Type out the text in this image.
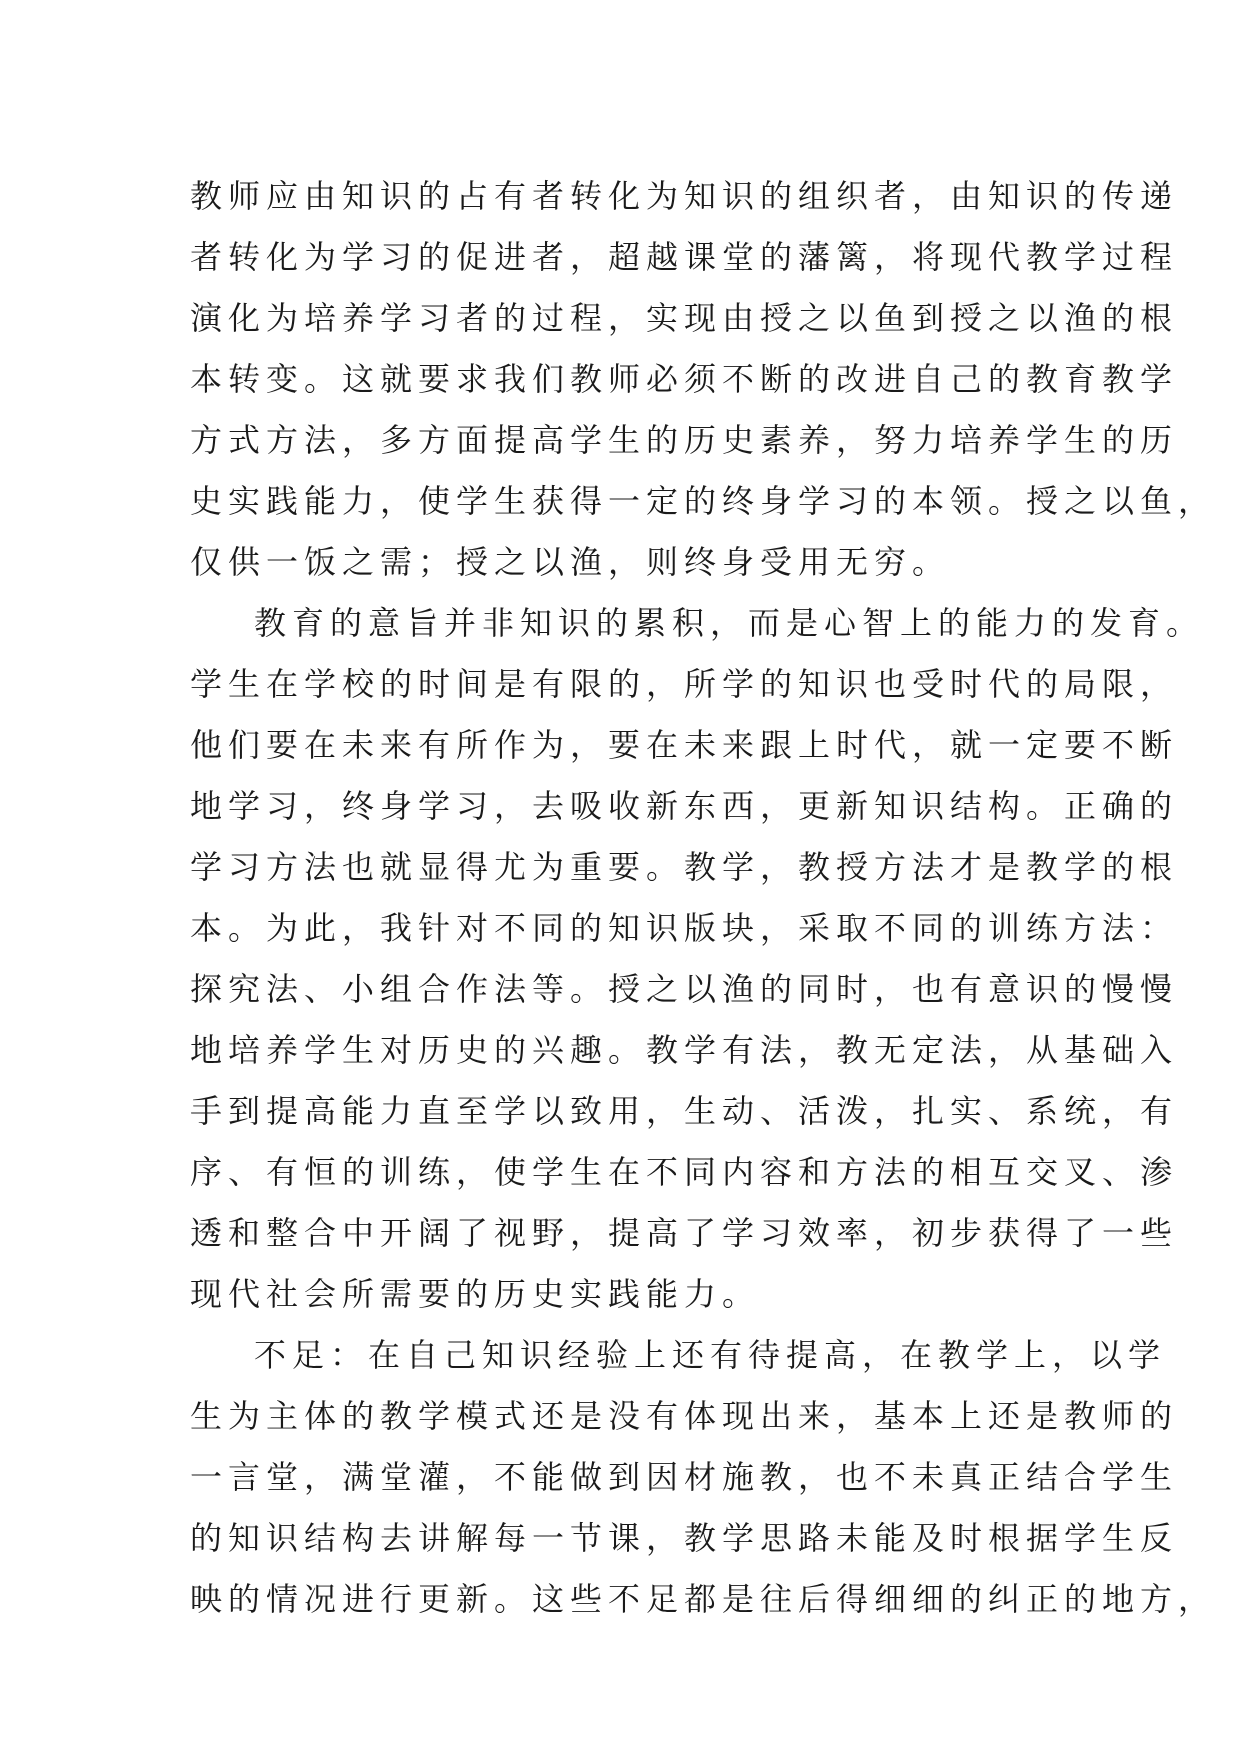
教师应由知识的占有者转化为知识的组织者，由知识的传递
者转化为学习的促进者，超越课堂的藩篱，将现代教学过程
演化为培养学习者的过程，实现由授之以鱼到授之以渔的根
本转变。这就要求我们教师必须不断的改进自己的教育教学
方式方法，多方面提高学生的历史素养，努力培养学生的历
史实践能力，使学生获得一定的终身学习的本领。授之以鱼，
仅供一饭之需；授之以渔，则终身受用无穷。
教育的意旨并非知识的累积，而是心智上的能力的发育。
学生在学校的时间是有限的，所学的知识也受时代的局限，
他们要在未来有所作为，要在未来跟上时代，就一定要不断
地学习，终身学习，去吸收新东西，更新知识结构。正确的
学习方法也就显得尤为重要。教学，教授方法才是教学的根
本。为此，我针对不同的知识版块，采取不同的训练方法：
探究法、小组合作法等。授之以渔的同时，也有意识的慢慢
地培养学生对历史的兴趣。教学有法，教无定法，从基础入
手到提高能力直至学以致用，生动、活泼，扎实、系统，有
序、有恒的训练，使学生在不同内容和方法的相互交叉、渗
透和整合中开阔了视野，提高了学习效率，初步获得了一些
现代社会所需要的历史实践能力。
不足：在自己知识经验上还有待提高，在教学上，以学
生为主体的教学模式还是没有体现出来，基本上还是教师的
一言堂，满堂灌，不能做到因材施教，也不未真正结合学生
的知识结构去讲解每一节课，教学思路未能及时根据学生反
映的情况进行更新。这些不足都是往后得细细的纠正的地方，
